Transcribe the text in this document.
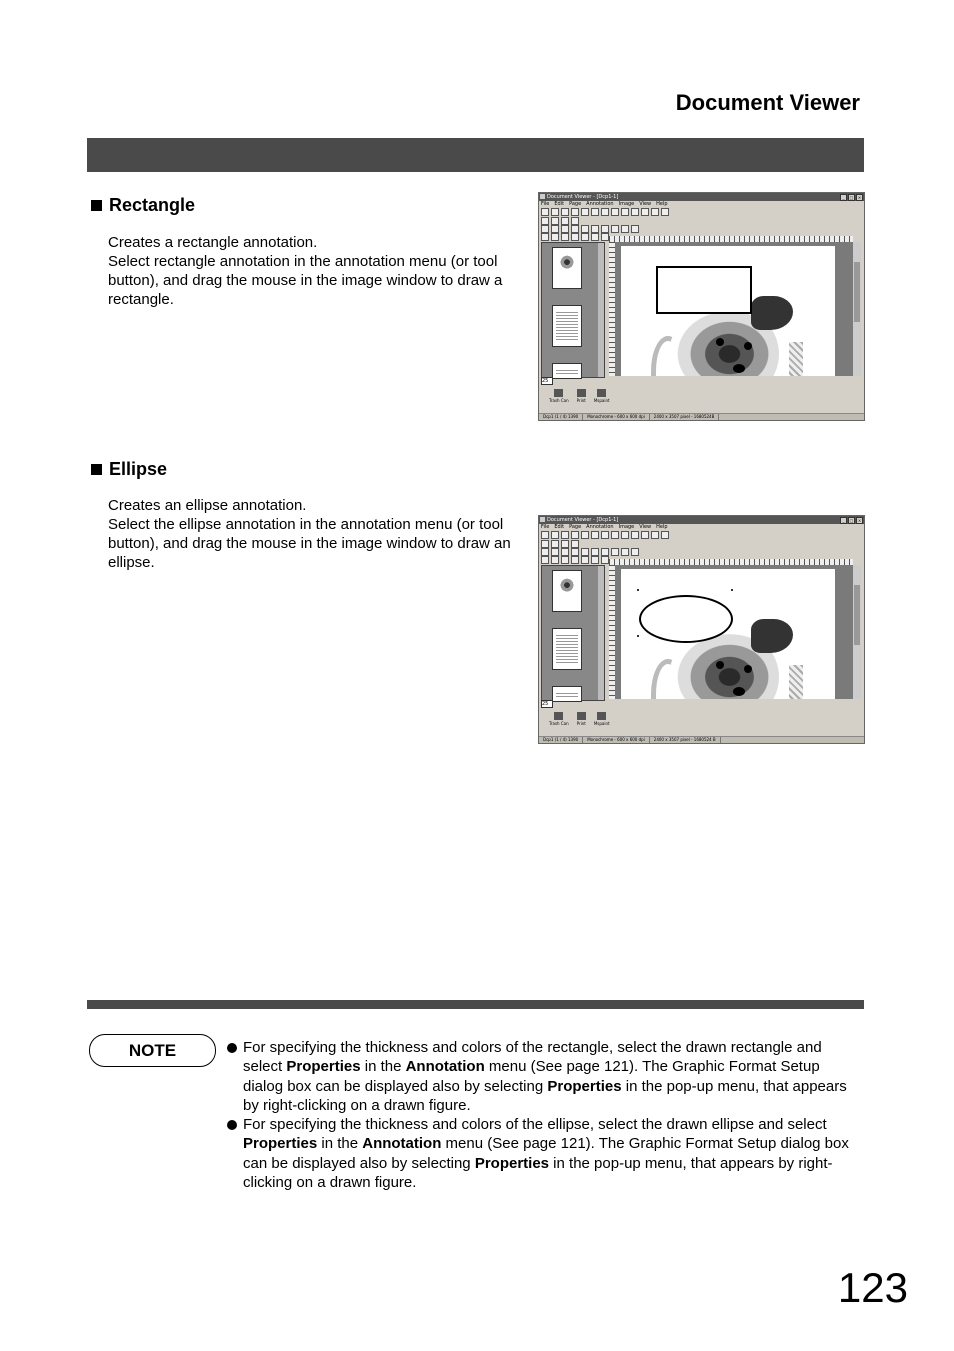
Document Viewer
Rectangle

Creates a rectangle annotation.

Select rectangle annotation in the annotation menu (or tool button), and drag the mouse in the image window to draw a rectangle.

Document Viewer - [Dcp1-1]	_	□	×
File Edit Page Annotation Image View Help
25
Trash Can Print Mspaint
Dcp1 (1 / 4) 1390	Monochrome - 600 x 600 dpi	2400 x 3507 pixel - 1680524B
Ellipse

Creates an ellipse annotation.

Select the ellipse annotation in the annotation menu (or tool button), and drag the mouse in the image window to draw an ellipse.

Document Viewer - [Dcp1-1]	_	□	×
File Edit Page Annotation Image View Help
25
Trash Can Print Mspaint
Dcp1 (1 / 4) 1390	Monochrome - 600 x 600 dpi	2400 x 3507 pixel - 1680524 B
NOTE	For specifying the thickness and colors of the rectangle, select the drawn rectangle and select Properties in the Annotation menu (See page 121). The Graphic Format Setup dialog box can be displayed also by selecting Properties in the pop-up menu, that appears by right-clicking on a drawn figure.
For specifying the thickness and colors of the ellipse, select the drawn ellipse and select Properties in the Annotation menu (See page 121). The Graphic Format Setup dialog box can be displayed also by selecting Properties in the pop-up menu, that appears by right-clicking on a drawn figure.
123
